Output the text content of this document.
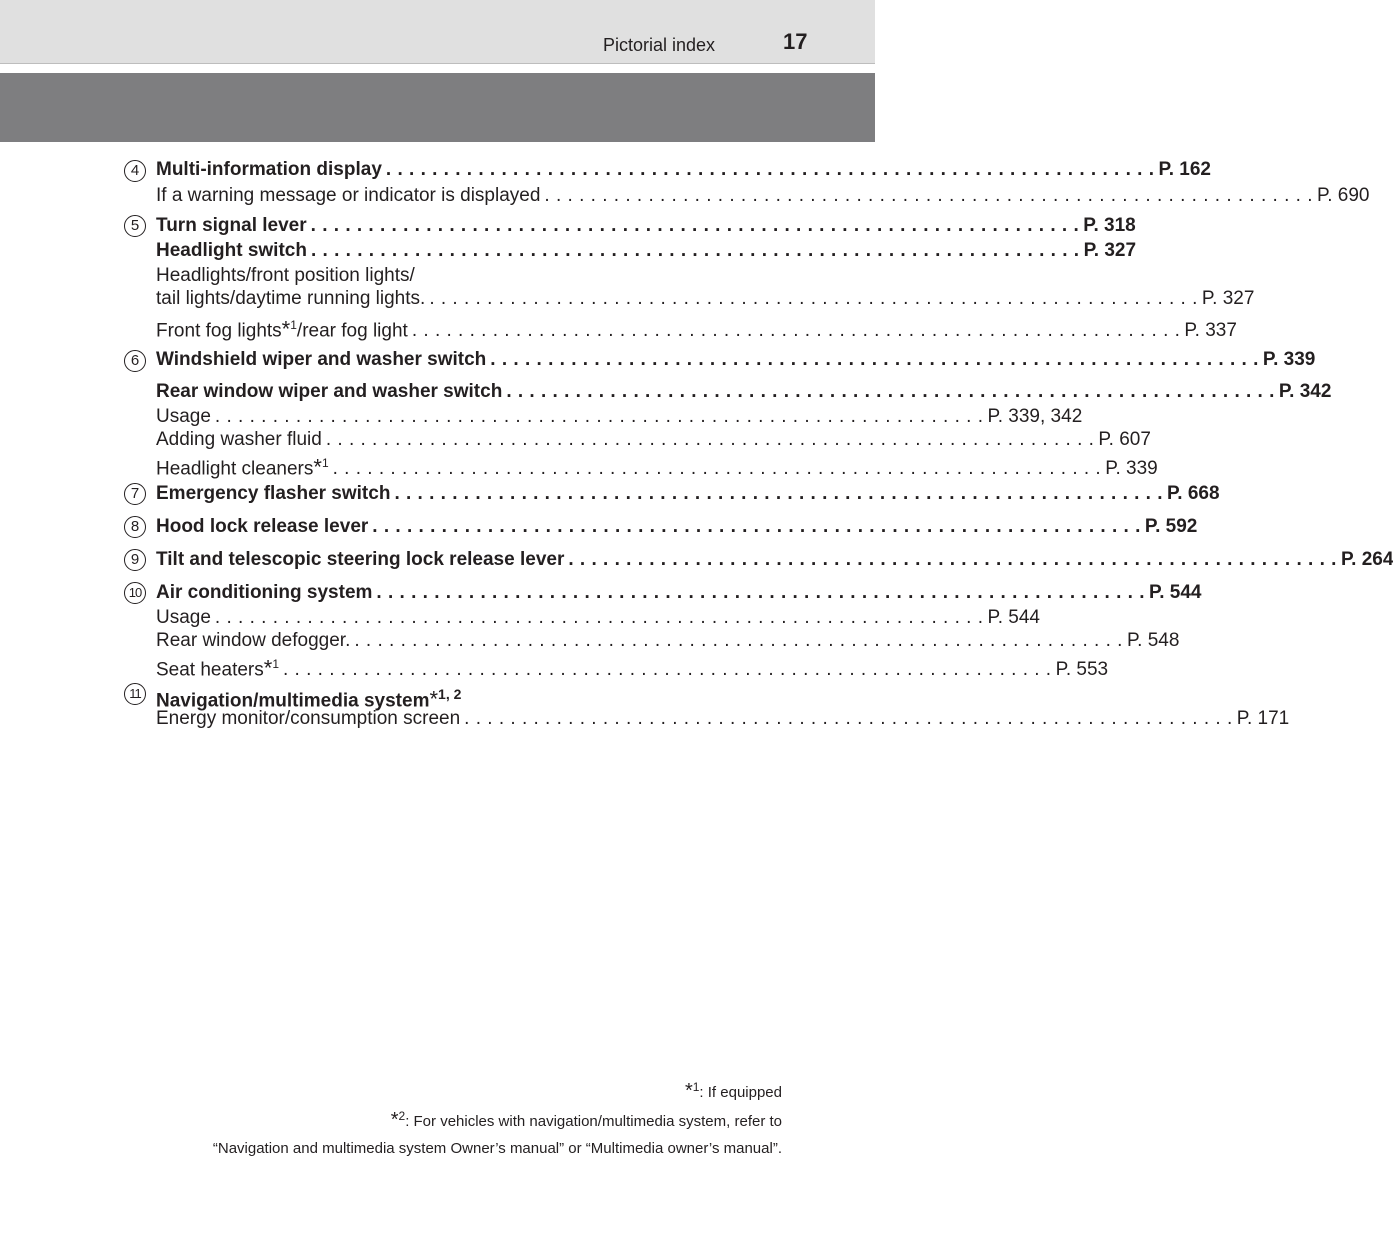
Pictorial index	17
4 Multi-information display . . . . . . . . . . . . . . . . . . . . . . . . . . . . . . . . . . . . . . . . . . . . . . . . . . . . . . . . . . . . . . . . . . . P. 162
If a warning message or indicator is displayed . . . . . . . . . . . . . . . . . . . . . . . . . . . . . . . . . . . . . . . . . . . . . . . . . . . . . . . . . . . . . . . . . . . P. 690
5 Turn signal lever . . . . . . . . . . . . . . . . . . . . . . . . . . . . . . . . . . . . . . . . . . . . . . . . . . . . . . . . . . . . . . . . . . . P. 318
Headlight switch . . . . . . . . . . . . . . . . . . . . . . . . . . . . . . . . . . . . . . . . . . . . . . . . . . . . . . . . . . . . . . . . . . . P. 327
Headlights/front position lights/
tail lights/daytime running lights. . . . . . . . . . . . . . . . . . . . . . . . . . . . . . . . . . . . . . . . . . . . . . . . . . . . . . . . . . . . . . . . . . . . P. 327
Front fog lights*$^1$/rear fog light . . . . . . . . . . . . . . . . . . . . . . . . . . . . . . . . . . . . . . . . . . . . . . . . . . . . . . . . . . . . . . . . . . . P. 337
6 Windshield wiper and washer switch . . . . . . . . . . . . . . . . . . . . . . . . . . . . . . . . . . . . . . . . . . . . . . . . . . . . . . . . . . . . . . . . . . . P. 339
Rear window wiper and washer switch . . . . . . . . . . . . . . . . . . . . . . . . . . . . . . . . . . . . . . . . . . . . . . . . . . . . . . . . . . . . . . . . . . . P. 342
Usage . . . . . . . . . . . . . . . . . . . . . . . . . . . . . . . . . . . . . . . . . . . . . . . . . . . . . . . . . . . . . . . . . . . P. 339, 342
Adding washer fluid . . . . . . . . . . . . . . . . . . . . . . . . . . . . . . . . . . . . . . . . . . . . . . . . . . . . . . . . . . . . . . . . . . . P. 607
Headlight cleaners*$^1$ . . . . . . . . . . . . . . . . . . . . . . . . . . . . . . . . . . . . . . . . . . . . . . . . . . . . . . . . . . . . . . . . . . . P. 339
7 Emergency flasher switch . . . . . . . . . . . . . . . . . . . . . . . . . . . . . . . . . . . . . . . . . . . . . . . . . . . . . . . . . . . . . . . . . . . P. 668
8 Hood lock release lever . . . . . . . . . . . . . . . . . . . . . . . . . . . . . . . . . . . . . . . . . . . . . . . . . . . . . . . . . . . . . . . . . . . P. 592
9 Tilt and telescopic steering lock release lever . . . . . . . . . . . . . . . . . . . . . . . . . . . . . . . . . . . . . . . . . . . . . . . . . . . . . . . . . . . . . . . . . . . P. 264
10 Air conditioning system . . . . . . . . . . . . . . . . . . . . . . . . . . . . . . . . . . . . . . . . . . . . . . . . . . . . . . . . . . . . . . . . . . . P. 544
Usage . . . . . . . . . . . . . . . . . . . . . . . . . . . . . . . . . . . . . . . . . . . . . . . . . . . . . . . . . . . . . . . . . . . P. 544
Rear window defogger. . . . . . . . . . . . . . . . . . . . . . . . . . . . . . . . . . . . . . . . . . . . . . . . . . . . . . . . . . . . . . . . . . . . P. 548
Seat heaters*$^1$ . . . . . . . . . . . . . . . . . . . . . . . . . . . . . . . . . . . . . . . . . . . . . . . . . . . . . . . . . . . . . . . . . . . P. 553
11 Navigation/multimedia system*$^{1, 2}$
Energy monitor/consumption screen . . . . . . . . . . . . . . . . . . . . . . . . . . . . . . . . . . . . . . . . . . . . . . . . . . . . . . . . . . . . . . . . . . . P. 171
*$^1$: If equipped
*$^2$: For vehicles with navigation/multimedia system, refer to
“Navigation and multimedia system Owner’s manual” or “Multimedia owner’s manual”.
